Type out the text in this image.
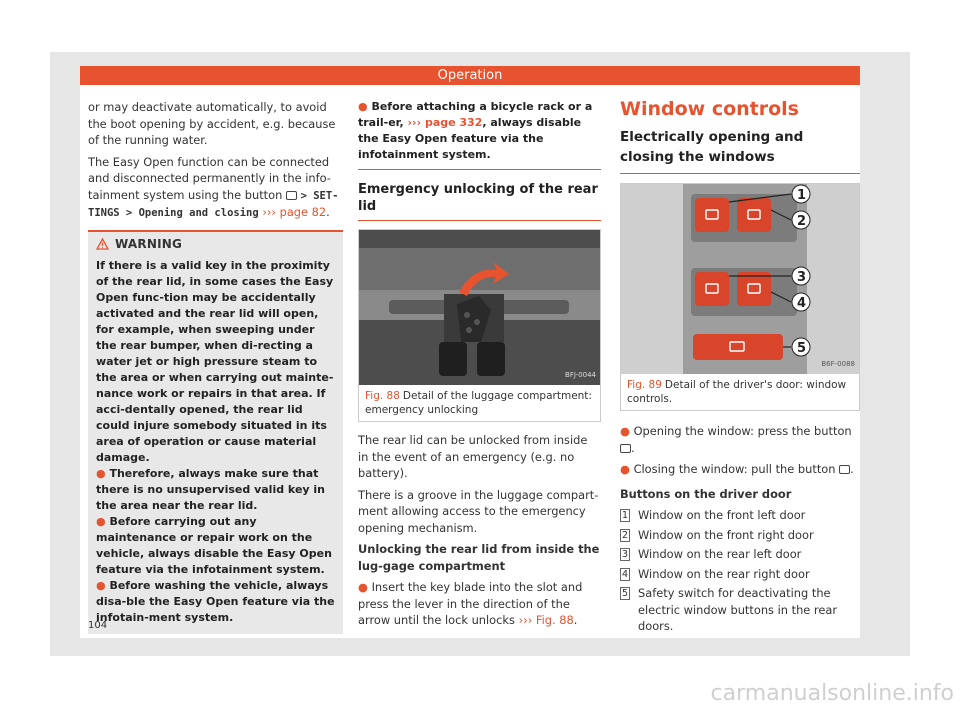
Operation

or may deactivate automatically, to avoid the boot opening by accident, e.g. because of the running water.

The Easy Open function can be connected and disconnected permanently in the info-tainment system using the button > SET-TINGS > Opening and closing ››› page 82.

WARNING
If there is a valid key in the proximity of the rear lid, in some cases the Easy Open func-tion may be accidentally activated and the rear lid will open, for example, when sweeping under the rear bumper, when di-recting a water jet or high pressure steam to the area or when carrying out mainte-nance work or repairs in that area. If acci-dentally opened, the rear lid could injure somebody situated in its area of operation or cause material damage.
● Therefore, always make sure that there is no unsupervised valid key in the area near the rear lid.
● Before carrying out any maintenance or repair work on the vehicle, always disable the Easy Open feature via the infotainment system.
● Before washing the vehicle, always disa-ble the Easy Open feature via the infotain-ment system.
● Before attaching a bicycle rack or a trail-er, ››› page 332, always disable the Easy Open feature via the infotainment system.
Emergency unlocking of the rear lid
BFJ-0044
Fig. 88 Detail of the luggage compartment: emergency unlocking

The rear lid can be unlocked from inside in the event of an emergency (e.g. no battery).

There is a groove in the luggage compart-ment allowing access to the emergency opening mechanism.

Unlocking the rear lid from inside the lug-gage compartment

● Insert the key blade into the slot and press the lever in the direction of the arrow until the lock unlocks ››› Fig. 88.

Window controls
Electrically opening and closing the windows
1
2
3
4
5
B6F-0088
Fig. 89 Detail of the driver's door: window controls.

● Opening the window: press the button .

● Closing the window: pull the button .

Buttons on the driver door

1 Window on the front left door
2 Window on the front right door
3 Window on the rear left door
4 Window on the rear right door
5 Safety switch for deactivating the electric window buttons in the rear doors.
104
carmanualsonline.info
